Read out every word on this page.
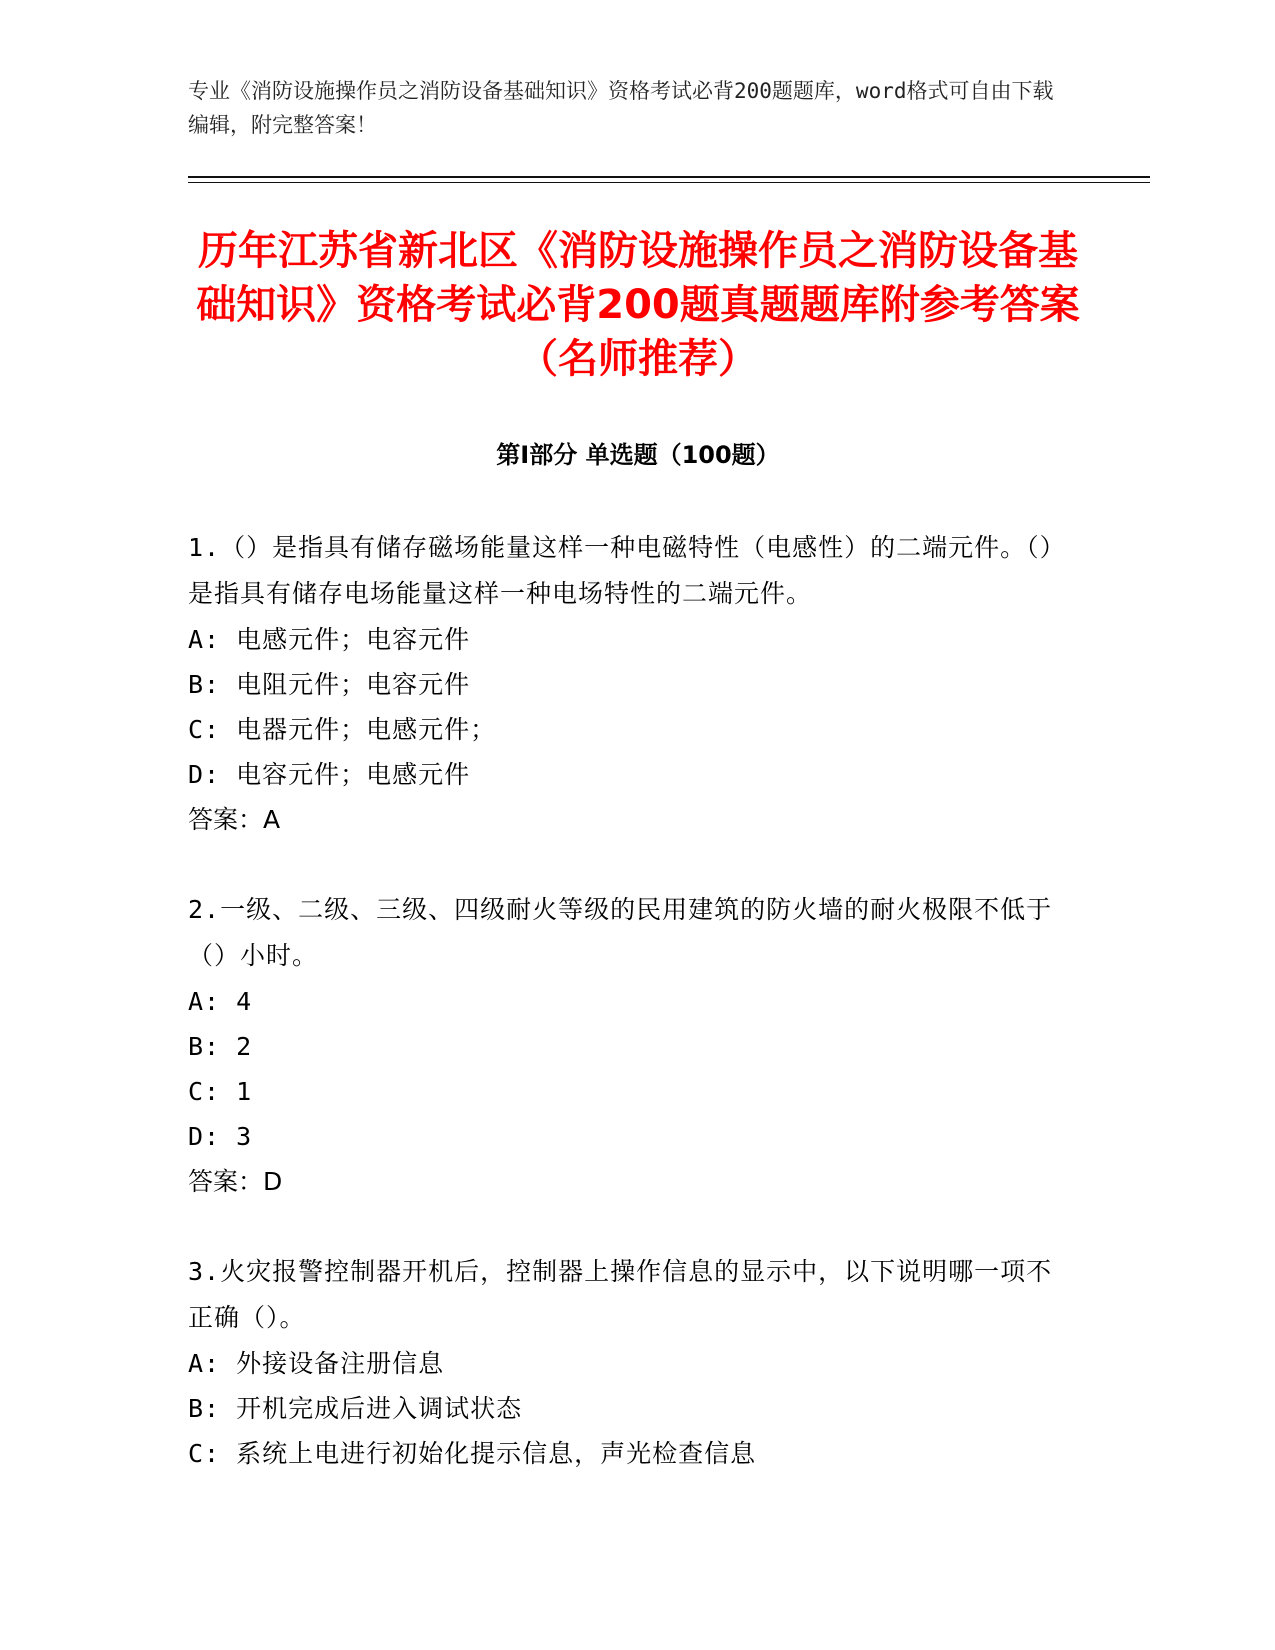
专业《消防设施操作员之消防设备基础知识》资格考试必背200题题库，word格式可自由下载编辑，附完整答案！
历年江苏省新北区《消防设施操作员之消防设备基础知识》资格考试必背200题真题题库附参考答案（名师推荐）
第I部分 单选题（100题）

1.（）是指具有储存磁场能量这样一种电磁特性（电感性）的二端元件。（）是指具有储存电场能量这样一种电场特性的二端元件。

A: 电感元件；电容元件

B: 电阻元件；电容元件

C: 电器元件；电感元件；

D: 电容元件；电感元件

答案：A

2.一级、二级、三级、四级耐火等级的民用建筑的防火墙的耐火极限不低于（）小时。

A: 4

B: 2

C: 1

D: 3

答案：D

3.火灾报警控制器开机后，控制器上操作信息的显示中，以下说明哪一项不正确（）。

A: 外接设备注册信息

B: 开机完成后进入调试状态

C: 系统上电进行初始化提示信息，声光检查信息
